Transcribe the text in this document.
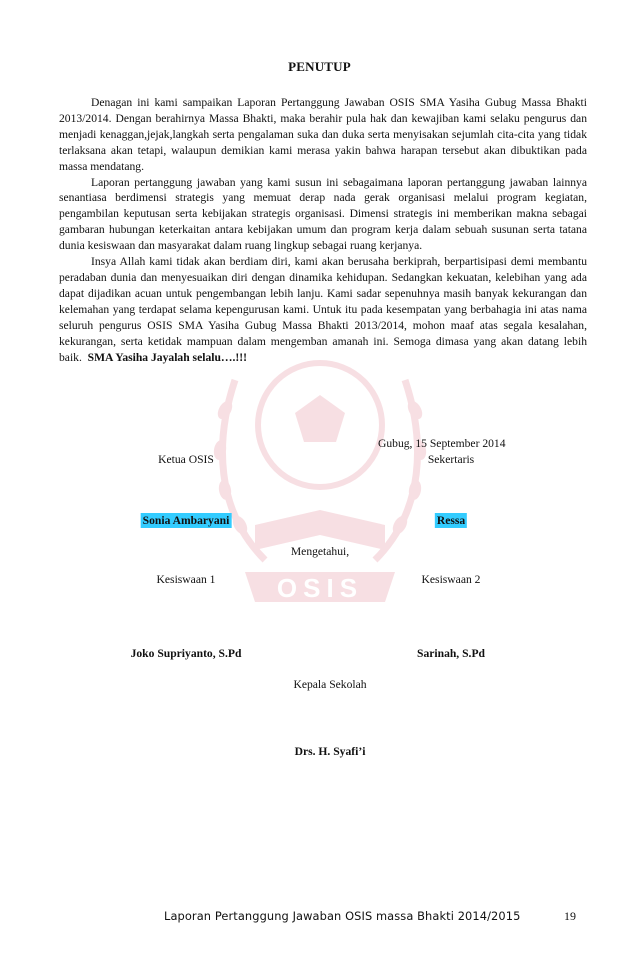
OSIS
PENUTUP

Denagan ini kami sampaikan Laporan Pertanggung Jawaban OSIS SMA Yasiha Gubug Massa Bhakti 2013/2014. Dengan berahirnya Massa Bhakti, maka berahir pula hak dan kewajiban kami selaku pengurus dan menjadi kenaggan,jejak,langkah serta pengalaman suka dan duka serta menyisakan sejumlah cita-cita yang tidak terlaksana akan tetapi, walaupun demikian kami merasa yakin bahwa harapan tersebut akan dibuktikan pada massa mendatang.

Laporan pertanggung jawaban yang kami susun ini sebagaimana laporan pertanggung jawaban lainnya senantiasa berdimensi strategis yang memuat derap nada gerak organisasi melalui program kegiatan, pengambilan keputusan serta kebijakan strategis organisasi. Dimensi strategis ini memberikan makna sebagai gambaran hubungan keterkaitan antara kebijakan umum dan program kerja dalam sebuah susunan serta tatana dunia kesiswaan dan masyarakat dalam ruang lingkup sebagai ruang kerjanya.

Insya Allah kami tidak akan berdiam diri, kami akan berusaha berkiprah, berpartisipasi demi membantu peradaban dunia dan menyesuaikan diri dengan dinamika kehidupan. Sedangkan kekuatan, kelebihan yang ada dapat dijadikan acuan untuk pengembangan lebih lanju. Kami sadar sepenuhnya masih banyak kekurangan dan kelemahan yang terdapat selama kepengurusan kami. Untuk itu pada kesempatan yang berbahagia ini atas nama seluruh pengurus OSIS SMA Yasiha Gubug Massa Bhakti 2013/2014, mohon maaf atas segala kesalahan, kekurangan, serta ketidak mampuan dalam mengemban amanah ini. Semoga dimasa yang akan datang lebih baik. SMA Yasiha Jayalah selalu….!!!

Gubug, 15 September 2014
Ketua OSIS	Sekertaris
Sonia Ambaryani	Ressa
Mengetahui,
Kesiswaan 1	Kesiswaan 2
Joko Supriyanto, S.Pd	Sarinah, S.Pd
Kepala Sekolah
Drs. H. Syafi’i
Laporan Pertanggung Jawaban OSIS massa Bhakti 2014/2015	19
